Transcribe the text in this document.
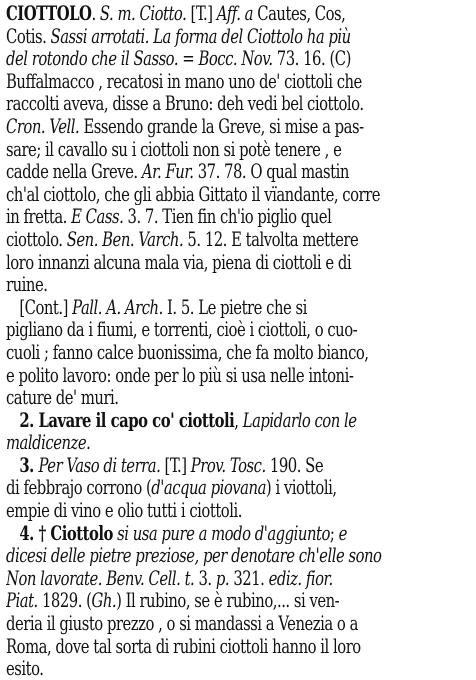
CIOTTOLO. S. m. Ciotto. [T.] Aff. a Cautes, Cos,
Cotis. Sassi arrotati. La forma del Ciottolo ha più
del rotondo che il Sasso. = Bocc. Nov. 73. 16. (C)
Buffalmacco , recatosi in mano uno de' ciottoli che
raccolti aveva, disse a Bruno: deh vedi bel ciottolo.
Cron. Vell. Essendo grande la Greve, si mise a pas-
sare; il cavallo su i ciottoli non si potè tenere , e
cadde nella Greve. Ar. Fur. 37. 78. O qual mastin
ch'al ciottolo, che gli abbia Gittato il vïandante, corre
in fretta. E Cass. 3. 7. Tien fin ch'io piglio quel
ciottolo. Sen. Ben. Varch. 5. 12. E talvolta mettere
loro innanzi alcuna mala via, piena di ciottoli e di
ruine.
[Cont.] Pall. A. Arch. I. 5. Le pietre che si
pigliano da i fiumi, e torrenti, cioè i ciottoli, o cuo-
cuoli ; fanno calce buonissima, che fa molto bianco,
e polito lavoro: onde per lo più si usa nelle intoni-
cature de' muri.
2. Lavare il capo co' ciottoli, Lapidarlo con le
maldicenze.
3. Per Vaso di terra. [T.] Prov. Tosc. 190. Se
di febbrajo corrono (d'acqua piovana) i viottoli,
empie di vino e olio tutti i ciottoli.
4. † Ciottolo si usa pure a modo d'aggiunto; e
dicesi delle pietre preziose, per denotare ch'elle sono
Non lavorate. Benv. Cell. t. 3. p. 321. ediz. fior.
Piat. 1829. (Gh.) Il rubino, se è rubino,... si ven-
deria il giusto prezzo , o si mandassi a Venezia o a
Roma, dove tal sorta di rubini ciottoli hanno il loro
esito.
